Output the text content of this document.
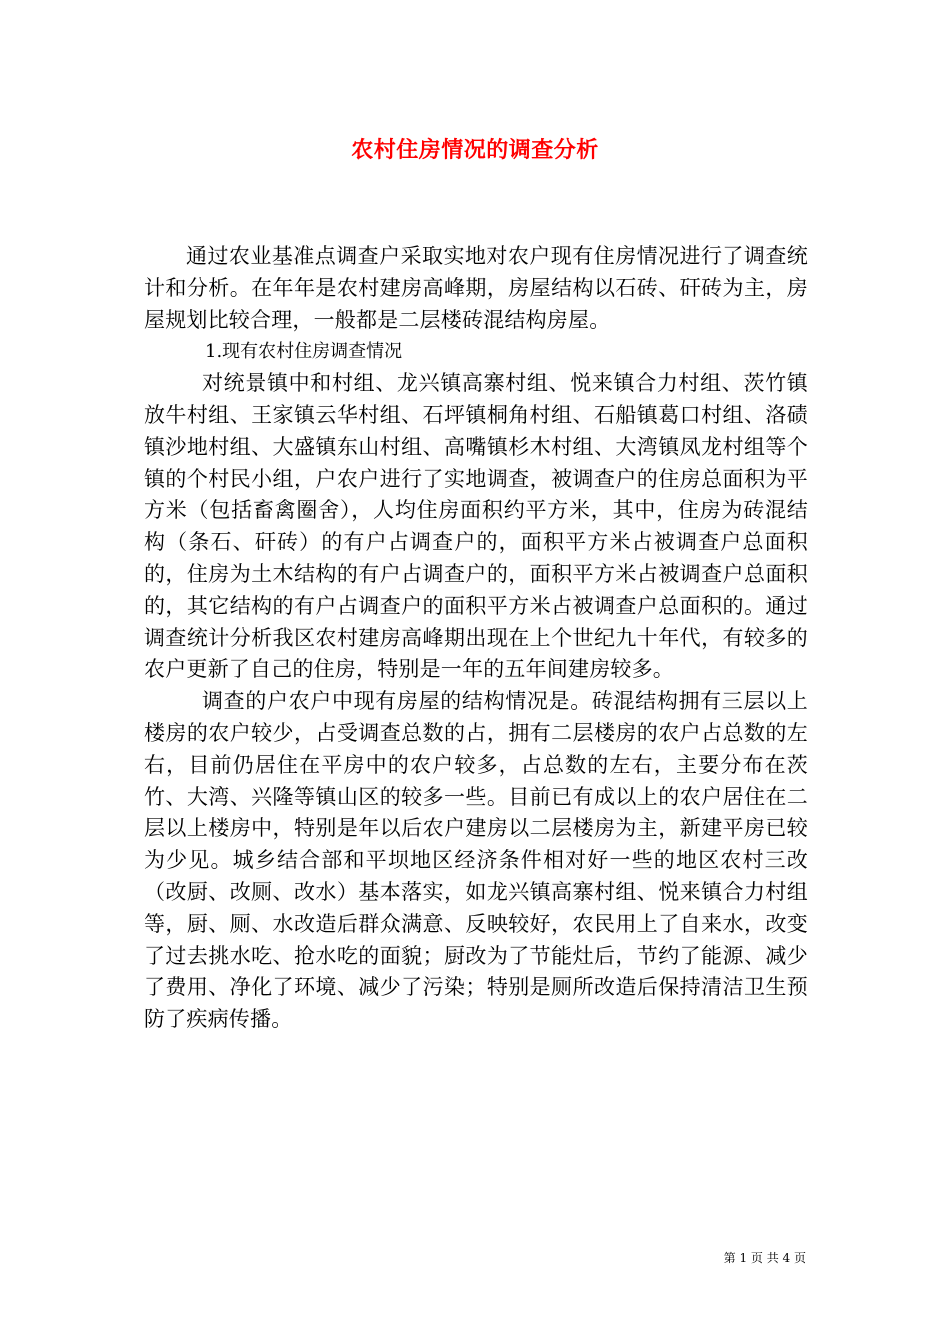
农村住房情况的调查分析

通过农业基准点调查户采取实地对农户现有住房情况进行了调查统计和分析。在年年是农村建房高峰期，房屋结构以石砖、矸砖为主，房屋规划比较合理，一般都是二层楼砖混结构房屋。

1.现有农村住房调查情况

对统景镇中和村组、龙兴镇高寨村组、悦来镇合力村组、茨竹镇放牛村组、王家镇云华村组、石坪镇桐角村组、石船镇葛口村组、洛碛镇沙地村组、大盛镇东山村组、高嘴镇杉木村组、大湾镇凤龙村组等个镇的个村民小组，户农户进行了实地调查，被调查户的住房总面积为平方米（包括畜禽圈舍），人均住房面积约平方米，其中，住房为砖混结构（条石、矸砖）的有户占调查户的，面积平方米占被调查户总面积的，住房为土木结构的有户占调查户的，面积平方米占被调查户总面积的，其它结构的有户占调查户的面积平方米占被调查户总面积的。通过调查统计分析我区农村建房高峰期出现在上个世纪九十年代，有较多的农户更新了自己的住房，特别是一年的五年间建房较多。

调查的户农户中现有房屋的结构情况是。砖混结构拥有三层以上楼房的农户较少，占受调查总数的占，拥有二层楼房的农户占总数的左右，目前仍居住在平房中的农户较多，占总数的左右，主要分布在茨竹、大湾、兴隆等镇山区的较多一些。目前已有成以上的农户居住在二层以上楼房中，特别是年以后农户建房以二层楼房为主，新建平房已较为少见。城乡结合部和平坝地区经济条件相对好一些的地区农村三改（改厨、改厕、改水）基本落实，如龙兴镇高寨村组、悦来镇合力村组等，厨、厕、水改造后群众满意、反映较好，农民用上了自来水，改变了过去挑水吃、抢水吃的面貌；厨改为了节能灶后，节约了能源、减少了费用、净化了环境、减少了污染；特别是厕所改造后保持清洁卫生预防了疾病传播。

第 1 页 共 4 页
